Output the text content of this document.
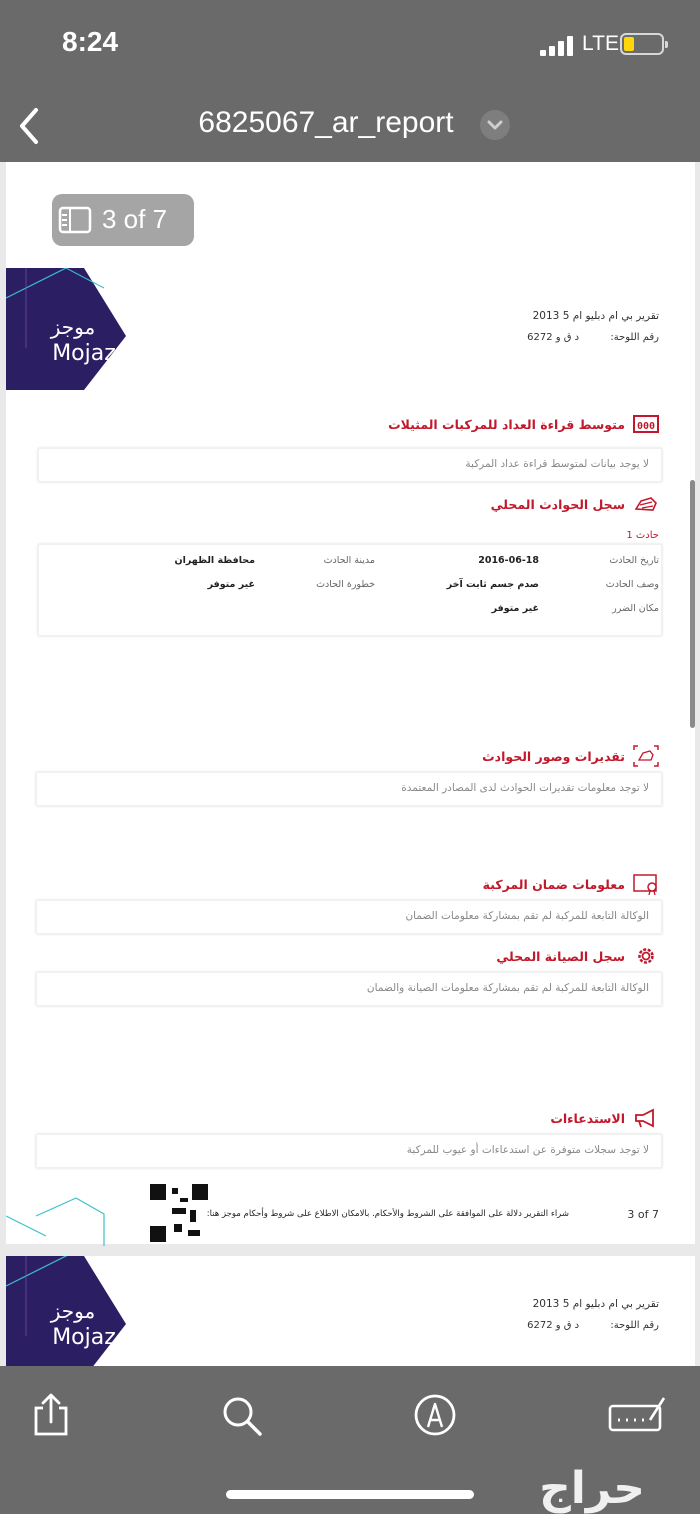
8:24	LTE
6825067_ar_report
موجز
Mojaz
تقرير بي ام دبليو ام 5 2013
رقم اللوحة: د ق و 6272
000
متوسط قراءة العداد للمركبات المثيلات
لا يوجد بيانات لمتوسط قراءة عداد المركبة
سجل الحوادث المحلي
حادث 1
تاريخ الحادث
2016-06-18
مدينة الحادث
محافظة الظهران
وصف الحادث
صدم جسم ثابت آخر
خطورة الحادث
غير متوفر
مكان الضرر
غير متوفر
تقديرات وصور الحوادث
لا توجد معلومات تقديرات الحوادث لدى المصادر المعتمدة
معلومات ضمان المركبة
الوكالة التابعة للمركبة لم تقم بمشاركة معلومات الضمان
سجل الصيانة المحلي
الوكالة التابعة للمركبة لم تقم بمشاركة معلومات الصيانة والضمان
الاستدعاءات
لا توجد سجلات متوفرة عن استدعاءات أو عيوب للمركبة
شراء التقرير دلالة على الموافقة على الشروط والأحكام. بالامكان الاطلاع على شروط وأحكام موجز هنا:	3 of 7
موجز
Mojaz
تقرير بي ام دبليو ام 5 2013
رقم اللوحة: د ق و 6272
3 of 7
حراج
